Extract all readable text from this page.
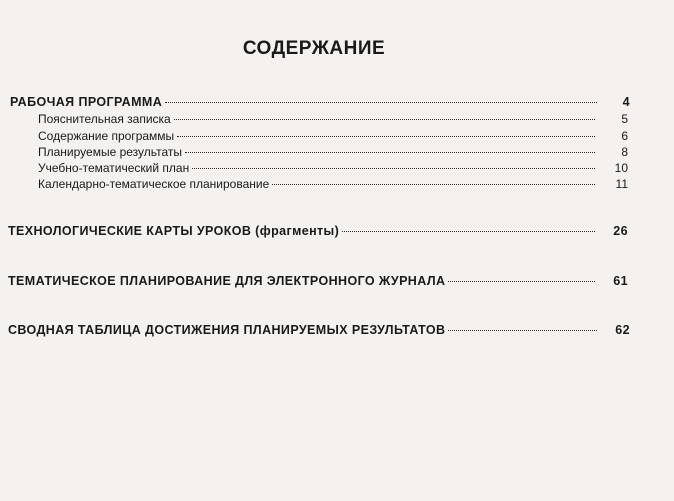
СОДЕРЖАНИЕ
РАБОЧАЯ ПРОГРАММА	4
Пояснительная записка	5
Содержание программы	6
Планируемые результаты	8
Учебно-тематический план	10
Календарно-тематическое планирование	11
ТЕХНОЛОГИЧЕСКИЕ КАРТЫ УРОКОВ (фрагменты)	26
ТЕМАТИЧЕСКОЕ ПЛАНИРОВАНИЕ ДЛЯ ЭЛЕКТРОННОГО ЖУРНАЛА	61
СВОДНАЯ ТАБЛИЦА ДОСТИЖЕНИЯ ПЛАНИРУЕМЫХ РЕЗУЛЬТАТОВ	62
